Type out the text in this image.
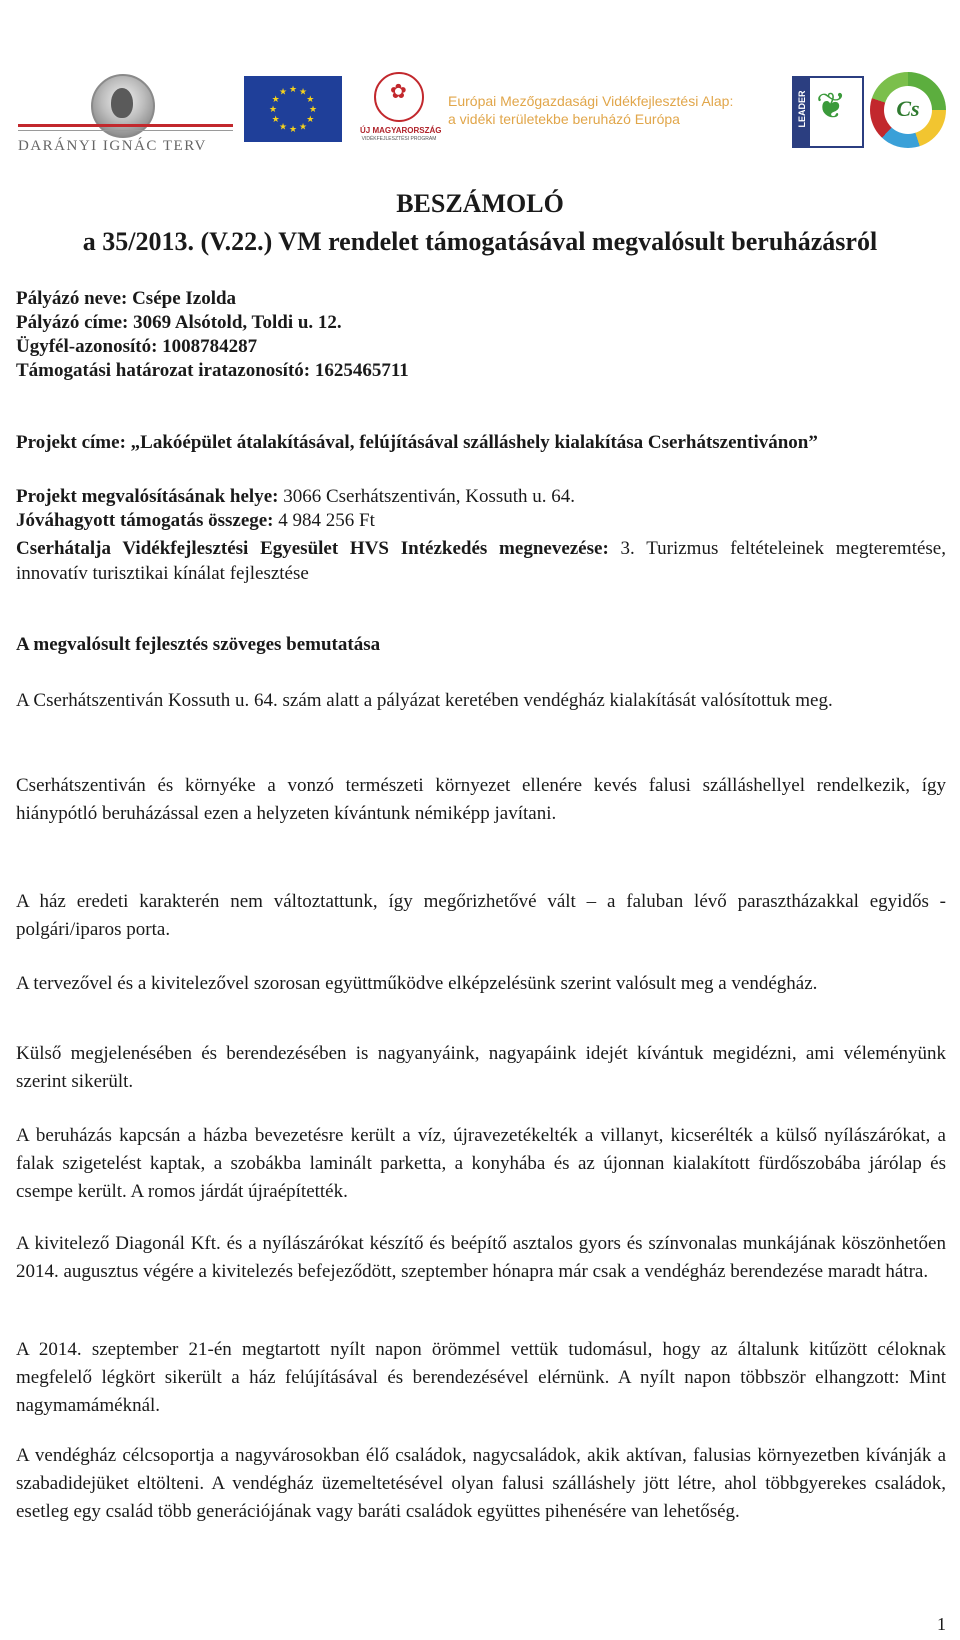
DARÁNYI IGNÁC TERV
★ ★
★
★
★
★
★
★
★
★
★
★	✿
ÚJ MAGYARORSZÁG
VIDÉKFEJLESZTÉSI PROGRAM
Európai Mezőgazdasági Vidékfejlesztési Alap:
a vidéki területekbe beruházó Európa	LEADER ❦	Cs
BESZÁMOLÓ
a 35/2013. (V.22.) VM rendelet támogatásával megvalósult beruházásról
Pályázó neve: Csépe Izolda
Pályázó címe: 3069 Alsótold, Toldi u. 12.
Ügyfél-azonosító: 1008784287
Támogatási határozat iratazonosító: 1625465711
Projekt címe: „Lakóépület átalakításával, felújításával szálláshely kialakítása Cserhátszentivánon”
Projekt megvalósításának helye: 3066 Cserhátszentiván, Kossuth u. 64.
Jóváhagyott támogatás összege: 4 984 256 Ft
Cserhátalja Vidékfejlesztési Egyesület HVS Intézkedés megnevezése: 3. Turizmus feltételeinek megteremtése, innovatív turisztikai kínálat fejlesztése
A megvalósult fejlesztés szöveges bemutatása

A Cserhátszentiván Kossuth u. 64. szám alatt a pályázat keretében vendégház kialakítását valósítottuk meg.

Cserhátszentiván és környéke a vonzó természeti környezet ellenére kevés falusi szálláshellyel rendelkezik, így hiánypótló beruházással ezen a helyzeten kívántunk némiképp javítani.

A ház eredeti karakterén nem változtattunk, így megőrizhetővé vált – a faluban lévő parasztházakkal egyidős -polgári/iparos porta.

A tervezővel és a kivitelezővel szorosan együttműködve elképzelésünk szerint valósult meg a vendégház.

Külső megjelenésében és berendezésében is nagyanyáink, nagyapáink idejét kívántuk megidézni, ami véleményünk szerint sikerült.

A beruházás kapcsán a házba bevezetésre került a víz, újravezetékelték a villanyt, kicserélték a külső nyílászárókat, a falak szigetelést kaptak, a szobákba laminált parketta, a konyhába és az újonnan kialakított fürdőszobába járólap és csempe került. A romos járdát újraépítették.

A kivitelező Diagonál Kft. és a nyílászárókat készítő és beépítő asztalos gyors és színvonalas munkájának köszönhetően 2014. augusztus végére a kivitelezés befejeződött, szeptember hónapra már csak a vendégház berendezése maradt hátra.

A 2014. szeptember 21-én megtartott nyílt napon örömmel vettük tudomásul, hogy az általunk kitűzött céloknak megfelelő légkört sikerült a ház felújításával és berendezésével elérnünk. A nyílt napon többször elhangzott: Mint nagymamáméknál.

A vendégház célcsoportja a nagyvárosokban élő családok, nagycsaládok, akik aktívan, falusias környezetben kívánják a szabadidejüket eltölteni. A vendégház üzemeltetésével olyan falusi szálláshely jött létre, ahol többgyerekes családok, esetleg egy család több generációjának vagy baráti családok együttes pihenésére van lehetőség.

1
